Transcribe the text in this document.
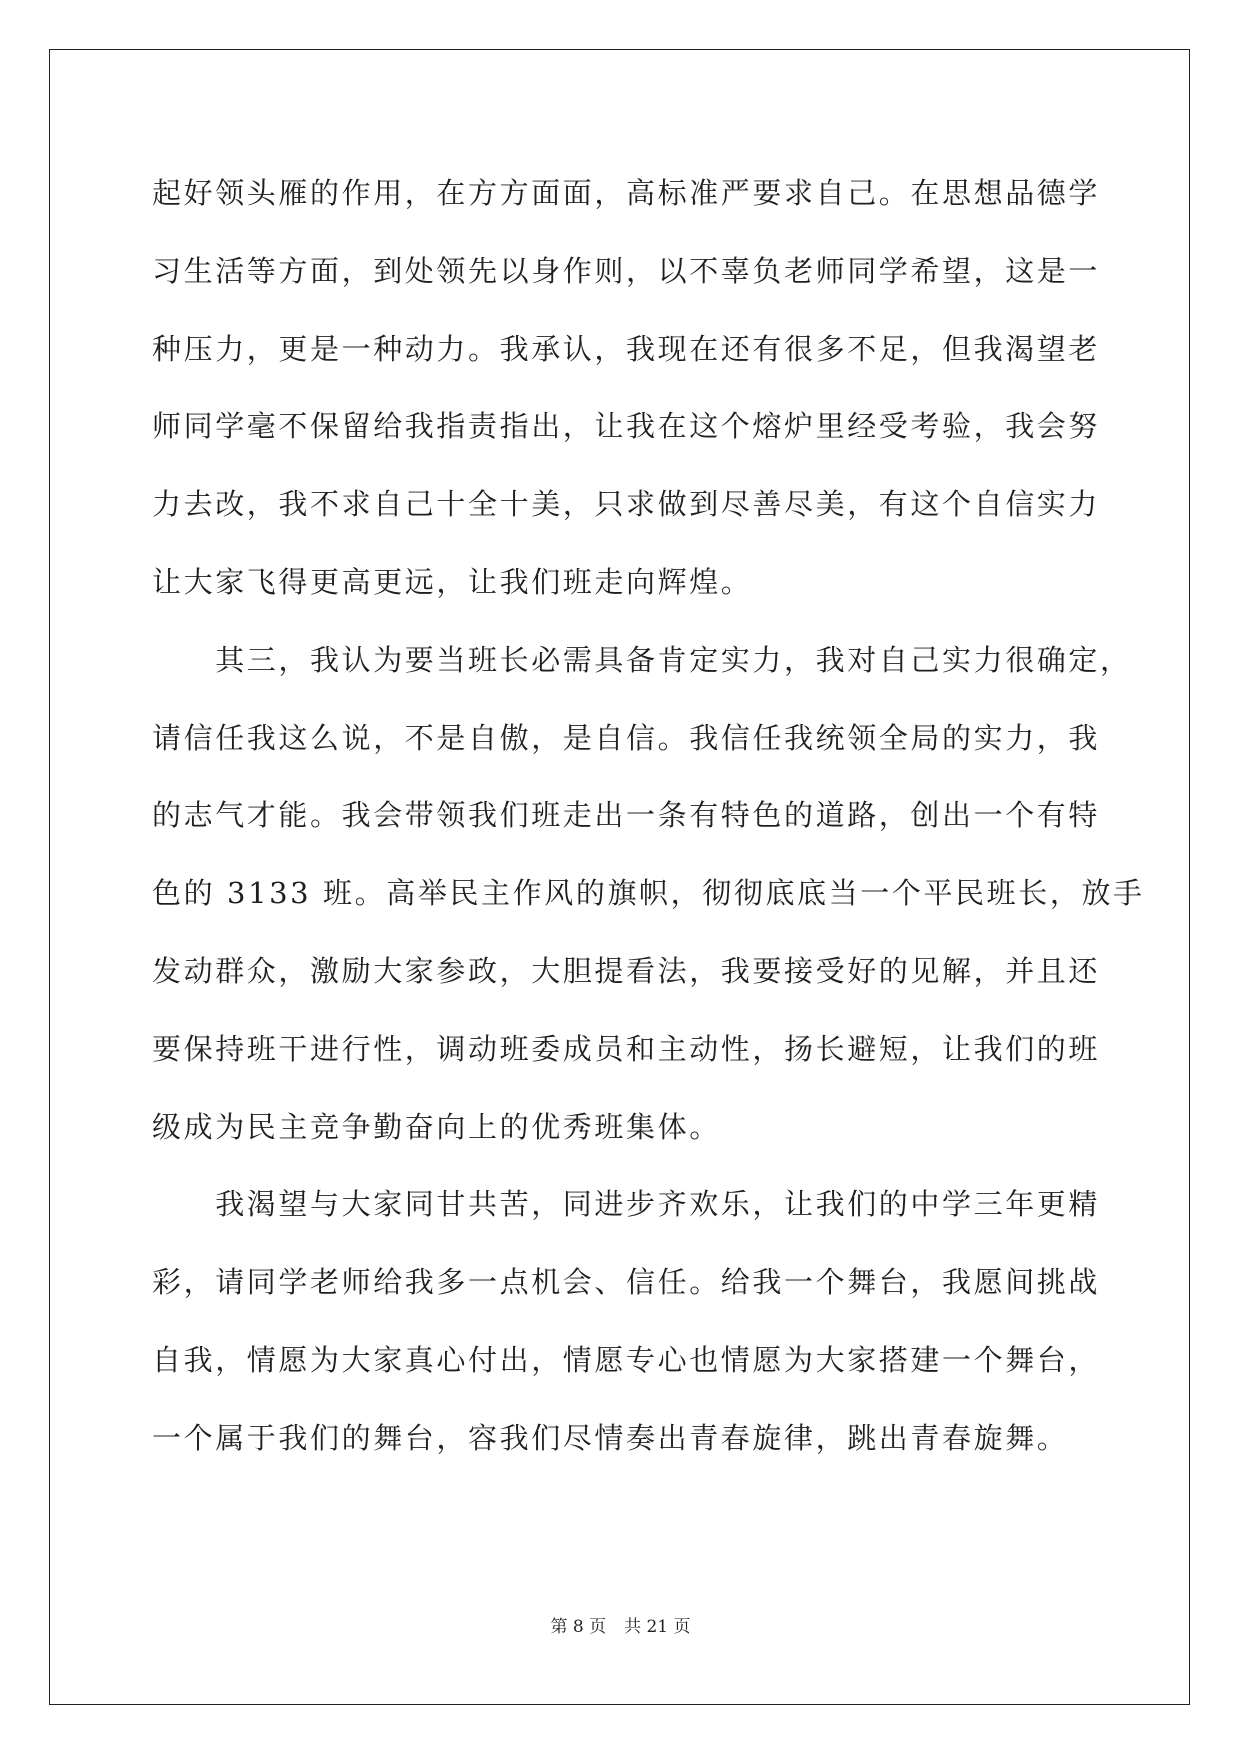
起好领头雁的作用，在方方面面，高标准严要求自己。在思想品德学
习生活等方面，到处领先以身作则，以不辜负老师同学希望，这是一
种压力，更是一种动力。我承认，我现在还有很多不足，但我渴望老
师同学毫不保留给我指责指出，让我在这个熔炉里经受考验，我会努
力去改，我不求自己十全十美，只求做到尽善尽美，有这个自信实力
让大家飞得更高更远，让我们班走向辉煌。
　　其三，我认为要当班长必需具备肯定实力，我对自己实力很确定，
请信任我这么说，不是自傲，是自信。我信任我统领全局的实力，我
的志气才能。我会带领我们班走出一条有特色的道路，创出一个有特
色的 3133 班。高举民主作风的旗帜，彻彻底底当一个平民班长，放手
发动群众，激励大家参政，大胆提看法，我要接受好的见解，并且还
要保持班干进行性，调动班委成员和主动性，扬长避短，让我们的班
级成为民主竞争勤奋向上的优秀班集体。
　　我渴望与大家同甘共苦，同进步齐欢乐，让我们的中学三年更精
彩，请同学老师给我多一点机会、信任。给我一个舞台，我愿间挑战
自我，情愿为大家真心付出，情愿专心也情愿为大家搭建一个舞台，
一个属于我们的舞台，容我们尽情奏出青春旋律，跳出青春旋舞。
第 8 页 共 21 页
